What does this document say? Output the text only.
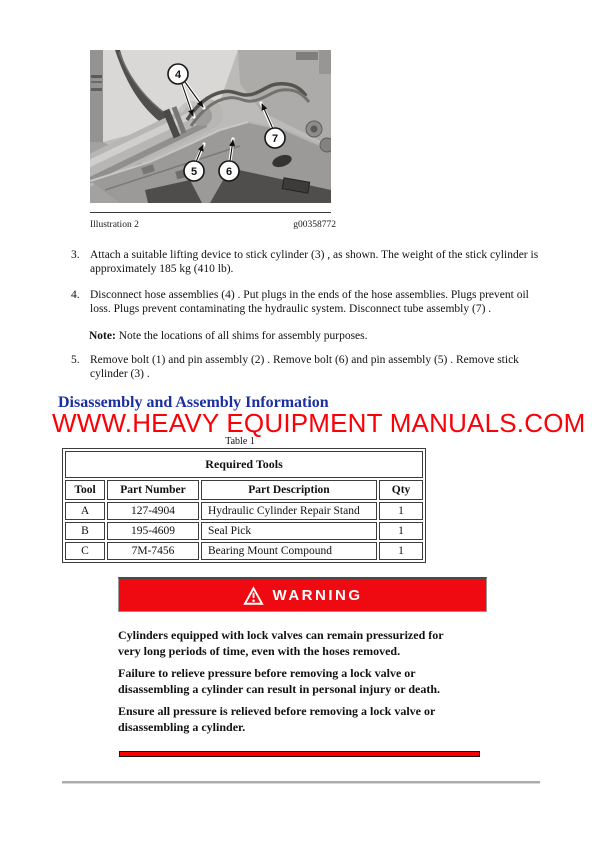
4
5	6
7
Illustration 2	g00358772
3. Attach a suitable lifting device to stick cylinder (3) , as shown. The weight of the stick cylinder is approximately 185 kg (410 lb).
4. Disconnect hose assemblies (4) . Put plugs in the ends of the hose assemblies. Plugs prevent oil loss. Plugs prevent contaminating the hydraulic system. Disconnect tube assembly (7) .
Note: Note the locations of all shims for assembly purposes.
5. Remove bolt (1) and pin assembly (2) . Remove bolt (6) and pin assembly (5) . Remove stick cylinder (3) .
Disassembly and Assembly Information
WWW.HEAVY EQUIPMENT MANUALS.COM
Table 1
Required Tools			
Tool	Part Number	Part Description	Qty
A	127-4904	Hydraulic Cylinder Repair Stand	1
B	195-4609	Seal Pick	1
C	7M-7456	Bearing Mount Compound	1
WARNING

Cylinders equipped with lock valves can remain pressurized for very long periods of time, even with the hoses removed.

Failure to relieve pressure before removing a lock valve or disassembling a cylinder can result in personal injury or death.

Ensure all pressure is relieved before removing a lock valve or disassembling a cylinder.
